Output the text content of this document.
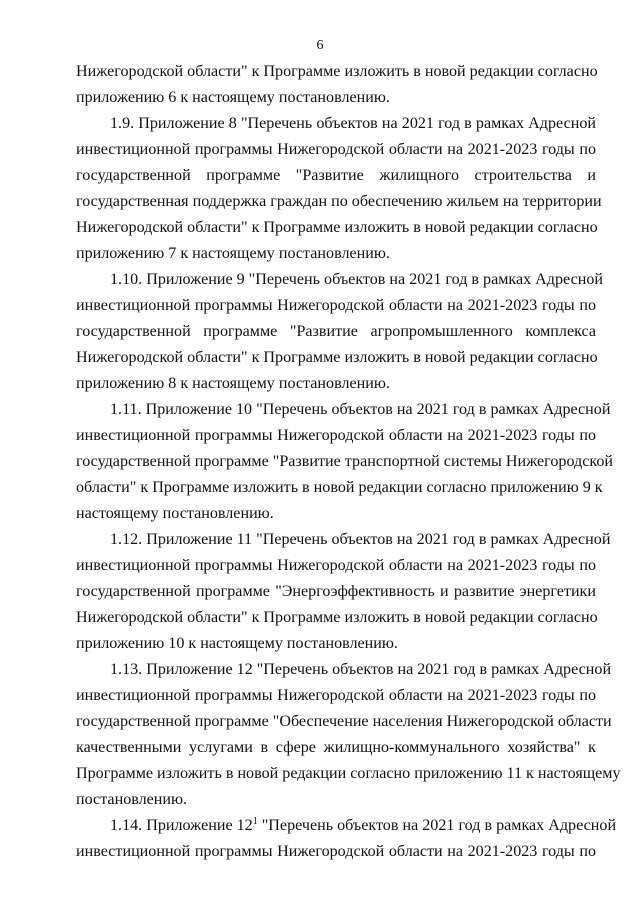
6

Нижегородской области" к Программе изложить в новой редакции согласно
приложению 6 к настоящему постановлению.

1.9. Приложение 8 "Перечень объектов на 2021 год в рамках Адресной
инвестиционной программы Нижегородской области на 2021-2023 годы по
государственной программе "Развитие жилищного строительства и
государственная поддержка граждан по обеспечению жильем на территории
Нижегородской области" к Программе изложить в новой редакции согласно
приложению 7 к настоящему постановлению.

1.10. Приложение 9 "Перечень объектов на 2021 год в рамках Адресной
инвестиционной программы Нижегородской области на 2021-2023 годы по
государственной программе "Развитие агропромышленного комплекса
Нижегородской области" к Программе изложить в новой редакции согласно
приложению 8 к настоящему постановлению.

1.11. Приложение 10 "Перечень объектов на 2021 год в рамках Адресной
инвестиционной программы Нижегородской области на 2021-2023 годы по
государственной программе "Развитие транспортной системы Нижегородской
области" к Программе изложить в новой редакции согласно приложению 9 к
настоящему постановлению.

1.12. Приложение 11 "Перечень объектов на 2021 год в рамках Адресной
инвестиционной программы Нижегородской области на 2021-2023 годы по
государственной программе "Энергоэффективность и развитие энергетики
Нижегородской области" к Программе изложить в новой редакции согласно
приложению 10 к настоящему постановлению.

1.13. Приложение 12 "Перечень объектов на 2021 год в рамках Адресной
инвестиционной программы Нижегородской области на 2021-2023 годы по
государственной программе "Обеспечение населения Нижегородской области
качественными услугами в сфере жилищно-коммунального хозяйства" к
Программе изложить в новой редакции согласно приложению 11 к настоящему
постановлению.

1.14. Приложение $12^1$ "Перечень объектов на 2021 год в рамках Адресной
инвестиционной программы Нижегородской области на 2021-2023 годы по
